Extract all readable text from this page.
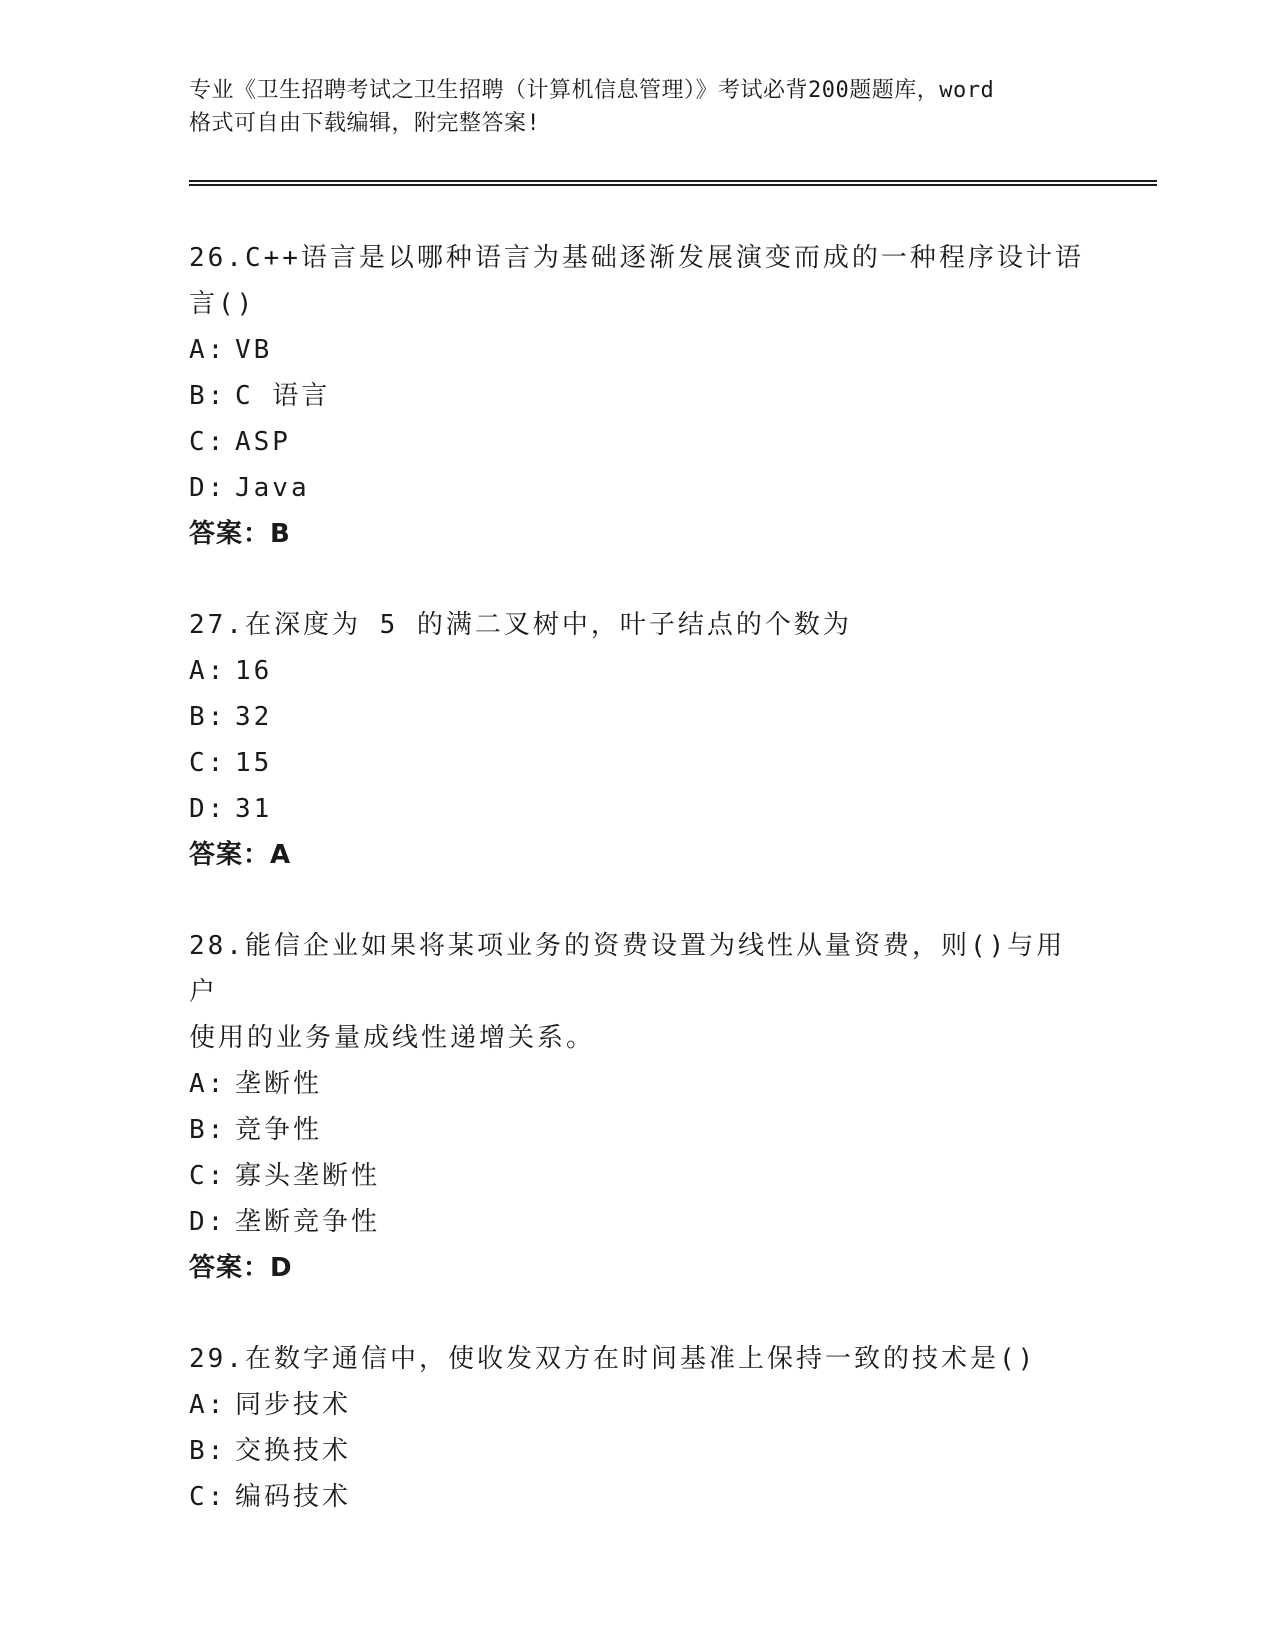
专业《卫生招聘考试之卫生招聘（计算机信息管理）》考试必背200题题库，word
格式可自由下载编辑，附完整答案!

26.C++语言是以哪种语言为基础逐渐发展演变而成的一种程序设计语

言()

A: VB

B: C 语言

C: ASP

D: Java

答案：B

27.在深度为 5 的满二叉树中，叶子结点的个数为

A: 16

B: 32

C: 15

D: 31

答案：A

28.能信企业如果将某项业务的资费设置为线性从量资费，则()与用户

使用的业务量成线性递增关系。

A: 垄断性

B: 竞争性

C: 寡头垄断性

D: 垄断竞争性

答案：D

29.在数字通信中，使收发双方在时间基准上保持一致的技术是()

A: 同步技术

B: 交换技术

C: 编码技术
